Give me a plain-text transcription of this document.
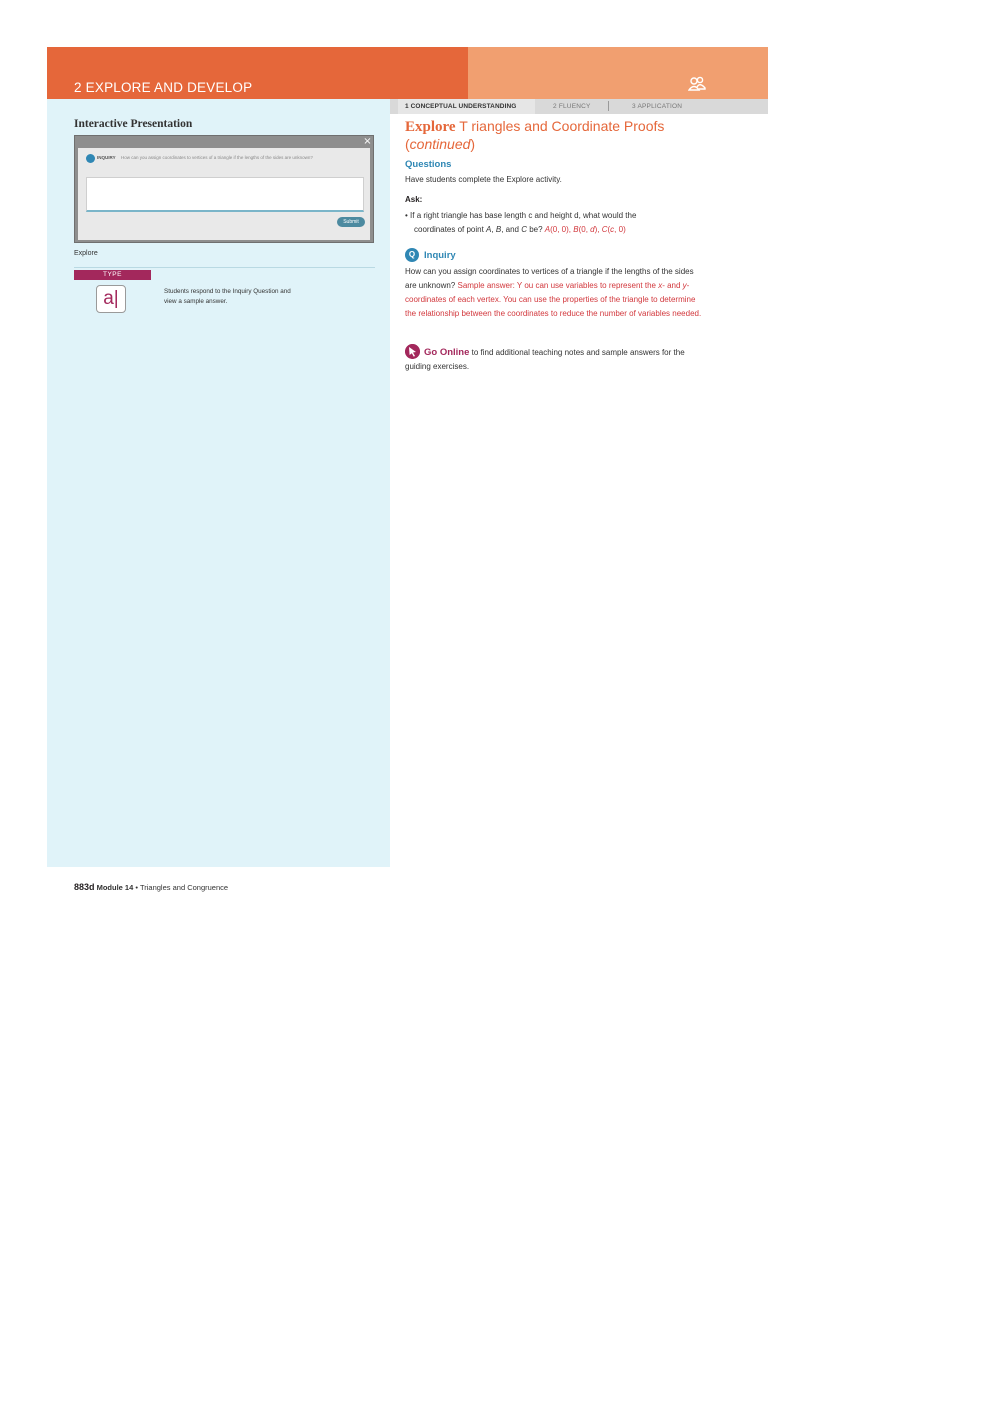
2 EXPLORE AND DEVELOP
Interactive Presentation
×
INQUIRY How can you assign coordinates to vertices of a triangle if the lengths of the sides are unknown?
Submit
Explore
TYPE
a|	Students respond to the Inquiry Question and view a sample answer.
1 CONCEPTUAL UNDERSTANDING	2 FLUENCY	3 APPLICATION
Explore T riangles and Coordinate Proofs
(continued)
Questions
Have students complete the Explore activity.
Ask:
• If a right triangle has base length c and height d, what would the
coordinates of point A, B, and C be? A(0, 0), B(0, d), C(c, 0)
Q Inquiry
How can you assign coordinates to vertices of a triangle if the lengths of the sides are unknown? Sample answer: Y ou can use variables to represent the x- and y-coordinates of each vertex. You can use the properties of the triangle to determine the relationship between the coordinates to reduce the number of variables needed.
Go Online to find additional teaching notes and sample answers for the guiding exercises.
883d Module 14 • Triangles and Congruence
